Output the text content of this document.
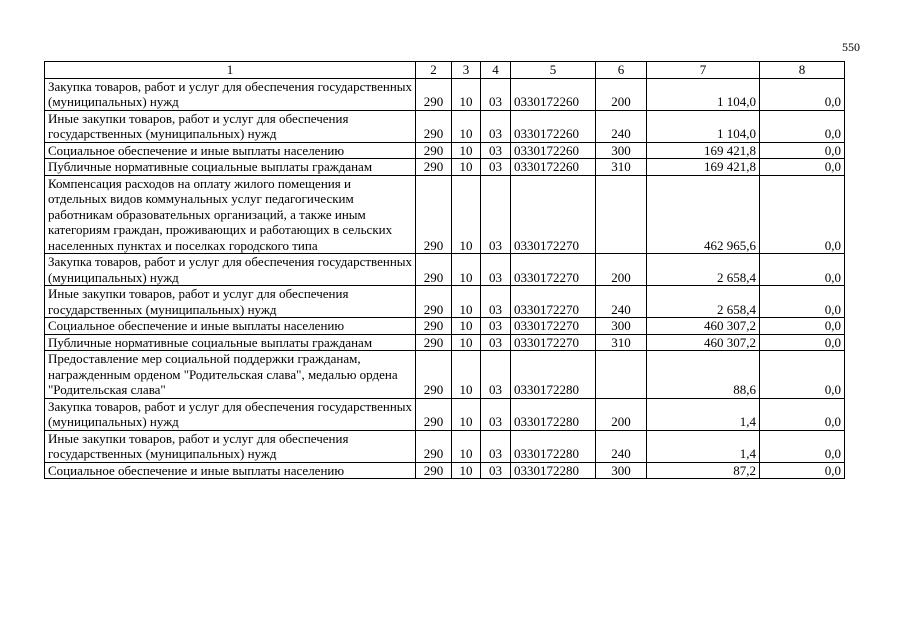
550
1	2	3	4	5	6	7	8
Закупка товаров, работ и услуг для обеспечения государственных (муниципальных) нужд	290	10	03	0330172260	200	1 104,0	0,0
Иные закупки товаров, работ и услуг для обеспечения государственных (муниципальных) нужд	290	10	03	0330172260	240	1 104,0	0,0
Социальное обеспечение и иные выплаты населению	290	10	03	0330172260	300	169 421,8	0,0
Публичные нормативные социальные выплаты гражданам	290	10	03	0330172260	310	169 421,8	0,0
Компенсация расходов на оплату жилого помещения и отдельных видов коммунальных услуг педагогическим работникам образовательных организаций, а также иным категориям граждан, проживающих и работающих в сельских населенных пунктах и поселках городского типа	290	10	03	0330172270		462 965,6	0,0
Закупка товаров, работ и услуг для обеспечения государственных (муниципальных) нужд	290	10	03	0330172270	200	2 658,4	0,0
Иные закупки товаров, работ и услуг для обеспечения государственных (муниципальных) нужд	290	10	03	0330172270	240	2 658,4	0,0
Социальное обеспечение и иные выплаты населению	290	10	03	0330172270	300	460 307,2	0,0
Публичные нормативные социальные выплаты гражданам	290	10	03	0330172270	310	460 307,2	0,0
Предоставление мер социальной поддержки гражданам, награжденным орденом "Родительская слава", медалью ордена "Родительская слава"	290	10	03	0330172280		88,6	0,0
Закупка товаров, работ и услуг для обеспечения государственных (муниципальных) нужд	290	10	03	0330172280	200	1,4	0,0
Иные закупки товаров, работ и услуг для обеспечения государственных (муниципальных) нужд	290	10	03	0330172280	240	1,4	0,0
Социальное обеспечение и иные выплаты населению	290	10	03	0330172280	300	87,2	0,0
